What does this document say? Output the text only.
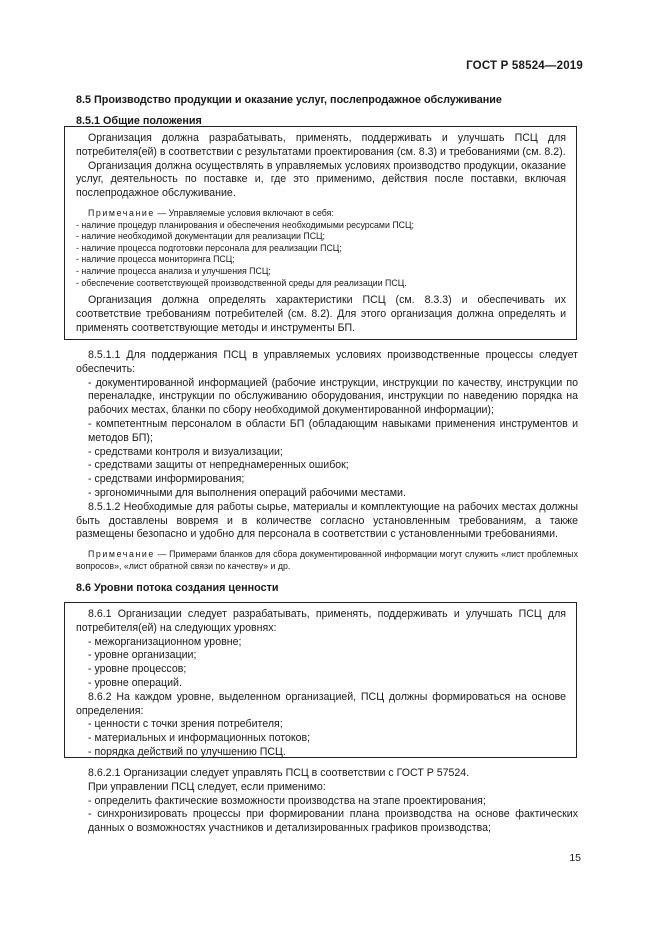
ГОСТ Р 58524—2019
8.5 Производство продукции и оказание услуг, послепродажное обслуживание
8.5.1 Общие положения

Организация должна разрабатывать, применять, поддерживать и улучшать ПСЦ для потребителя(ей) в соответствии с результатами проектирования (см. 8.3) и требованиями (см. 8.2).

Организация должна осуществлять в управляемых условиях производство продукции, оказание услуг, деятельность по поставке и, где это применимо, действия после поставки, включая послепродажное обслуживание.

Примечание — Управляемые условия включают в себя:
- наличие процедур планирования и обеспечения необходимыми ресурсами ПСЦ;
- наличие необходимой документации для реализации ПСЦ;
- наличие процесса подготовки персонала для реализации ПСЦ;
- наличие процесса мониторинга ПСЦ;
- наличие процесса анализа и улучшения ПСЦ;
- обеспечение соответствующей производственной среды для реализации ПСЦ.

Организация должна определять характеристики ПСЦ (см. 8.3.3) и обеспечивать их соответствие требованиям потребителей (см. 8.2). Для этого организация должна определять и применять соответствующие методы и инструменты БП.

8.5.1.1 Для поддержания ПСЦ в управляемых условиях производственные процессы следует обеспечить:

- документированной информацией (рабочие инструкции, инструкции по качеству, инструкции по переналадке, инструкции по обслуживанию оборудования, инструкции по наведению порядка на рабочих местах, бланки по сбору необходимой документированной информации);

- компетентным персоналом в области БП (обладающим навыками применения инструментов и методов БП);

- средствами контроля и визуализации;

- средствами защиты от непреднамеренных ошибок;

- средствами информирования;

- эргономичными для выполнения операций рабочими местами.

8.5.1.2 Необходимые для работы сырье, материалы и комплектующие на рабочих местах должны быть доставлены вовремя и в количестве согласно установленным требованиям, а также размещены безопасно и удобно для персонала в соответствии с установленными требованиями.

Примечание — Примерами бланков для сбора документированной информации могут служить «лист проблемных вопросов», «лист обратной связи по качеству» и др.
8.6 Уровни потока создания ценности

8.6.1 Организации следует разрабатывать, применять, поддерживать и улучшать ПСЦ для потребителя(ей) на следующих уровнях:

- межорганизационном уровне;

- уровне организации;

- уровне процессов;

- уровне операций.

8.6.2 На каждом уровне, выделенном организацией, ПСЦ должны формироваться на основе определения:

- ценности с точки зрения потребителя;

- материальных и информационных потоков;

- порядка действий по улучшению ПСЦ.

8.6.2.1 Организации следует управлять ПСЦ в соответствии с ГОСТ Р 57524.

При управлении ПСЦ следует, если применимо:

- определить фактические возможности производства на этапе проектирования;

- синхронизировать процессы при формировании плана производства на основе фактических данных о возможностях участников и детализированных графиков производства;

15
